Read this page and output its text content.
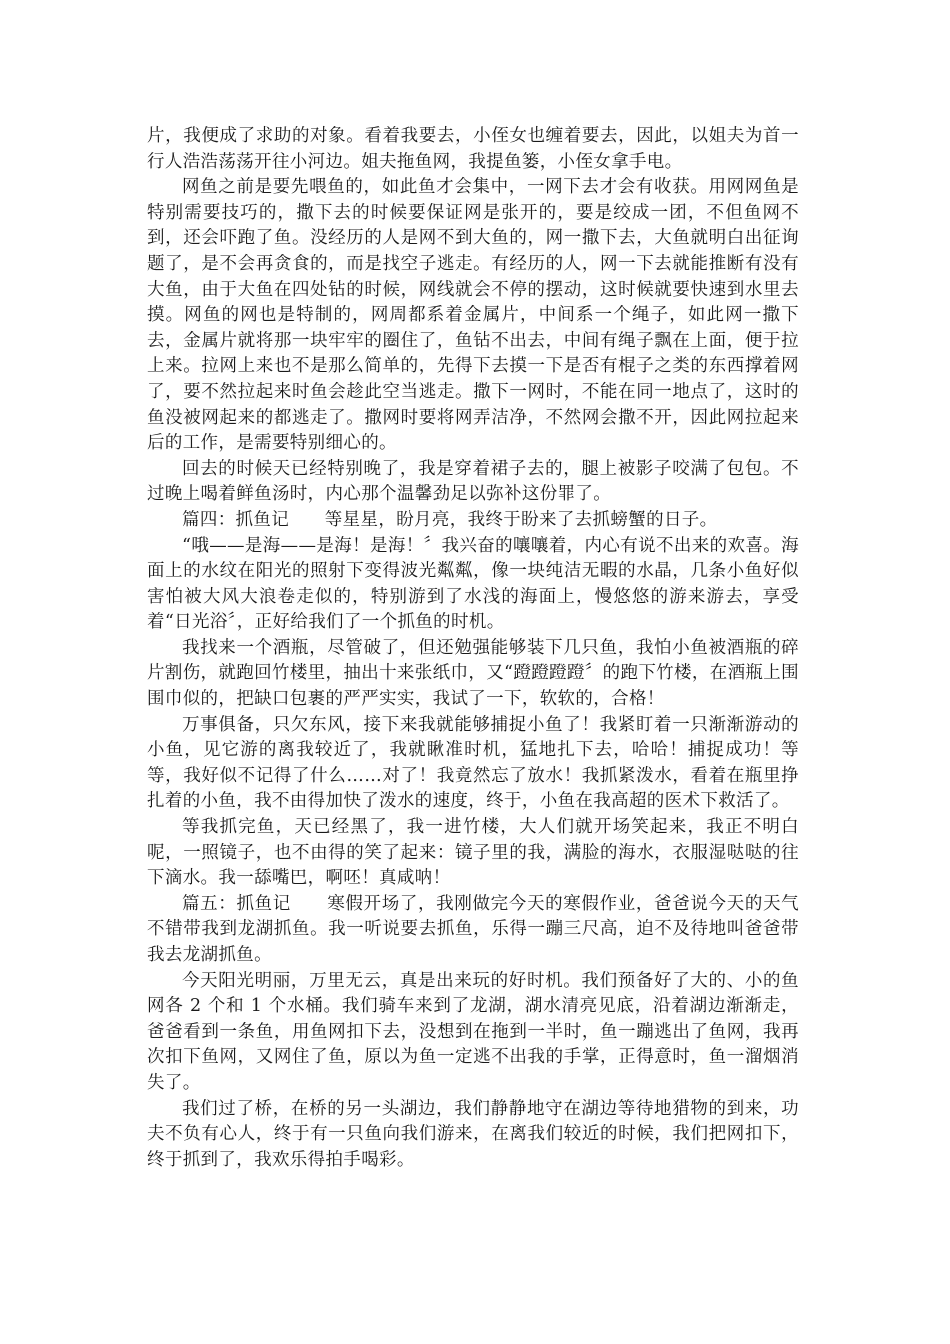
片，我便成了求助的对象。看着我要去，小侄女也缠着要去，因此，以姐夫为首一行人浩浩荡荡开往小河边。姐夫拖鱼网，我提鱼篓，小侄女拿手电。

网鱼之前是要先喂鱼的，如此鱼才会集中，一网下去才会有收获。用网网鱼是特别需要技巧的，撒下去的时候要保证网是张开的，要是绞成一团，不但鱼网不到，还会吓跑了鱼。没经历的人是网不到大鱼的，网一撒下去，大鱼就明白出征询题了，是不会再贪食的，而是找空子逃走。有经历的人，网一下去就能推断有没有大鱼，由于大鱼在四处钻的时候，网线就会不停的摆动，这时候就要快速到水里去摸。网鱼的网也是特制的，网周都系着金属片，中间系一个绳子，如此网一撒下去，金属片就将那一块牢牢的圈住了，鱼钻不出去，中间有绳子飘在上面，便于拉上来。拉网上来也不是那么简单的，先得下去摸一下是否有棍子之类的东西撑着网了，要不然拉起来时鱼会趁此空当逃走。撒下一网时，不能在同一地点了，这时的鱼没被网起来的都逃走了。撒网时要将网弄洁净，不然网会撒不开，因此网拉起来后的工作，是需要特别细心的。

回去的时候天已经特别晚了，我是穿着裙子去的，腿上被影子咬满了包包。不过晚上喝着鲜鱼汤时，内心那个温馨劲足以弥补这份罪了。

篇四：抓鱼记　　等星星，盼月亮，我终于盼来了去抓螃蟹的日子。

“哦——是海——是海！是海！〞我兴奋的嚷嚷着，内心有说不出来的欢喜。海面上的水纹在阳光的照射下变得波光粼粼，像一块纯洁无暇的水晶，几条小鱼好似害怕被大风大浪卷走似的，特别游到了水浅的海面上，慢悠悠的游来游去，享受着“日光浴〞，正好给我们了一个抓鱼的时机。

我找来一个酒瓶，尽管破了，但还勉强能够装下几只鱼，我怕小鱼被酒瓶的碎片割伤，就跑回竹楼里，抽出十来张纸巾，又“蹬蹬蹬蹬〞的跑下竹楼，在酒瓶上围围巾似的，把缺口包裹的严严实实，我试了一下，软软的，合格！

万事俱备，只欠东风，接下来我就能够捕捉小鱼了！我紧盯着一只渐渐游动的小鱼，见它游的离我较近了，我就瞅准时机，猛地扎下去，哈哈！捕捉成功！等等，我好似不记得了什么……对了！我竟然忘了放水！我抓紧泼水，看着在瓶里挣扎着的小鱼，我不由得加快了泼水的速度，终于，小鱼在我高超的医术下救活了。

等我抓完鱼，天已经黑了，我一进竹楼，大人们就开场笑起来，我正不明白呢，一照镜子，也不由得的笑了起来：镜子里的我，满脸的海水，衣服湿哒哒的往下滴水。我一舔嘴巴，啊呸！真咸呐！

篇五：抓鱼记　　寒假开场了，我刚做完今天的寒假作业，爸爸说今天的天气不错带我到龙湖抓鱼。我一听说要去抓鱼，乐得一蹦三尺高，迫不及待地叫爸爸带我去龙湖抓鱼。

今天阳光明丽，万里无云，真是出来玩的好时机。我们预备好了大的、小的鱼网各 2 个和 1 个水桶。我们骑车来到了龙湖，湖水清亮见底，沿着湖边渐渐走，爸爸看到一条鱼，用鱼网扣下去，没想到在拖到一半时，鱼一蹦逃出了鱼网，我再次扣下鱼网，又网住了鱼，原以为鱼一定逃不出我的手掌，正得意时，鱼一溜烟消失了。

我们过了桥，在桥的另一头湖边，我们静静地守在湖边等待地猎物的到来，功夫不负有心人，终于有一只鱼向我们游来，在离我们较近的时候，我们把网扣下，终于抓到了，我欢乐得拍手喝彩。
